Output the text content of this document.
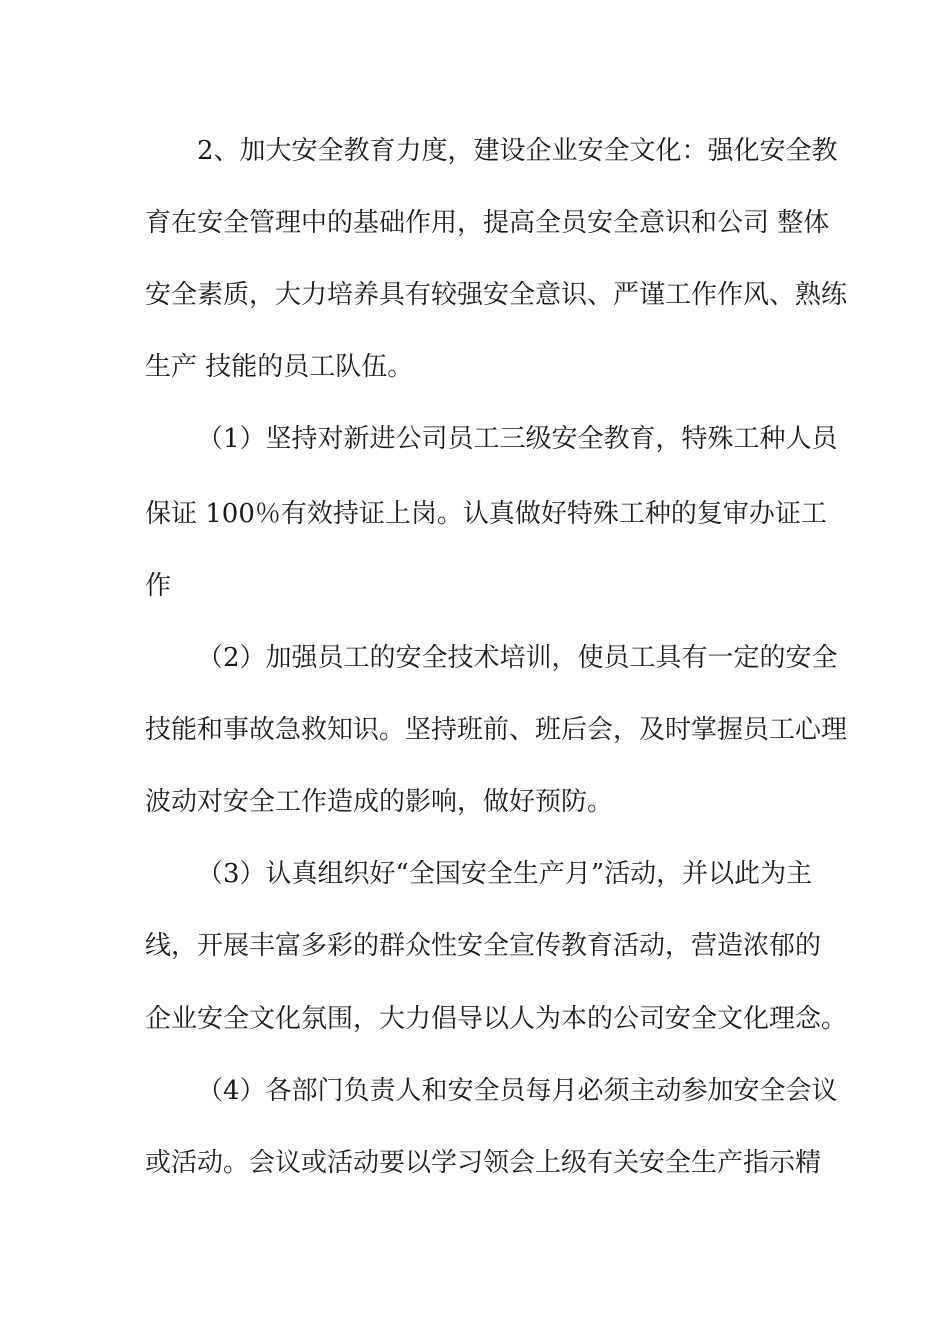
2、加大安全教育力度，建设企业安全文化：强化安全教
育在安全管理中的基础作用，提高全员安全意识和公司 整体
安全素质，大力培养具有较强安全意识、严谨工作作风、熟练
生产 技能的员工队伍。
（1）坚持对新进公司员工三级安全教育，特殊工种人员
保证 100％有效持证上岗。认真做好特殊工种的复审办证工
作
（2）加强员工的安全技术培训，使员工具有一定的安全
技能和事故急救知识。坚持班前、班后会，及时掌握员工心理
波动对安全工作造成的影响，做好预防。
（3）认真组织好“全国安全生产月”活动，并以此为主
线，开展丰富多彩的群众性安全宣传教育活动，营造浓郁的
企业安全文化氛围，大力倡导以人为本的公司安全文化理念。
（4）各部门负责人和安全员每月必须主动参加安全会议
或活动。会议或活动要以学习领会上级有关安全生产指示精
